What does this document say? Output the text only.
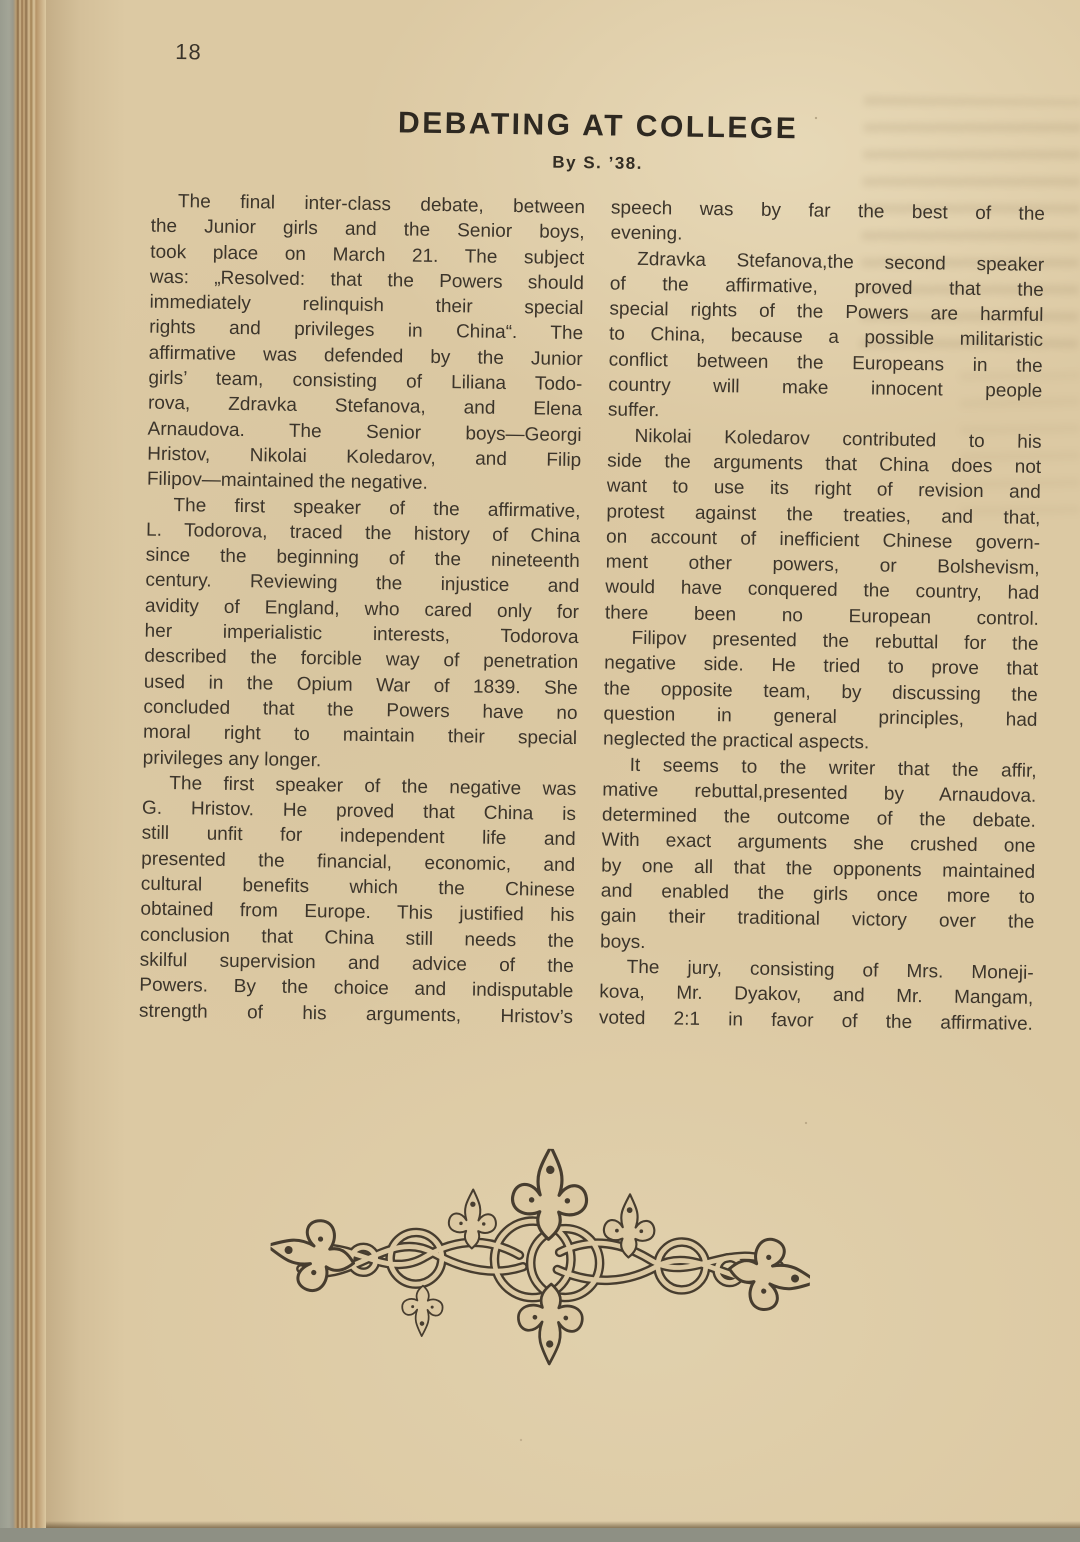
18
DEBATING AT COLLEGE
By S. ’38.
The final inter-class debate, between
the Junior girls and the Senior boys,
took place on March 21. The subject
was: „Resolved: that the Powers should
immediately relinquish their special
rights and privileges in China“. The
affirmative was defended by the Junior
girls’ team, consisting of Liliana Todo-
rova, Zdravka Stefanova, and Elena
Arnaudova. The Senior boys—Georgi
Hristov, Nikolai Koledarov, and Filip
Filipov—maintained the negative.
The first speaker of the affirmative,
L. Todorova, traced the history of China
since the beginning of the nineteenth
century. Reviewing the injustice and
avidity of England, who cared only for
her imperialistic interests, Todorova
described the forcible way of penetration
used in the Opium War of 1839. She
concluded that the Powers have no
moral right to maintain their special
privileges any longer.
The first speaker of the negative was
G. Hristov. He proved that China is
still unfit for independent life and
presented the financial, economic, and
cultural benefits which the Chinese
obtained from Europe. This justified his
conclusion that China still needs the
skilful supervision and advice of the
Powers. By the choice and indisputable
strength of his arguments, Hristov’s
speech was by far the best of the
evening.
Zdravka Stefanova,the second speaker
of the affirmative, proved that the
special rights of the Powers are harmful
to China, because a possible militaristic
conflict between the Europeans in the
country will make innocent people
suffer.
Nikolai Koledarov contributed to his
side the arguments that China does not
want to use its right of revision and
protest against the treaties, and that,
on account of inefficient Chinese govern-
ment other powers, or Bolshevism,
would have conquered the country, had
there been no European control.
Filipov presented the rebuttal for the
negative side. He tried to prove that
the opposite team, by discussing the
question in general principles, had
neglected the practical aspects.
It seems to the writer that the affir,
mative rebuttal,presented by Arnaudova.
determined the outcome of the debate.
With exact arguments she crushed one
by one all that the opponents maintained
and enabled the girls once more to
gain their traditional victory over the
boys.
The jury, consisting of Mrs. Moneji-
kova, Mr. Dyakov, and Mr. Mangam,
voted 2:1 in favor of the affirmative.
